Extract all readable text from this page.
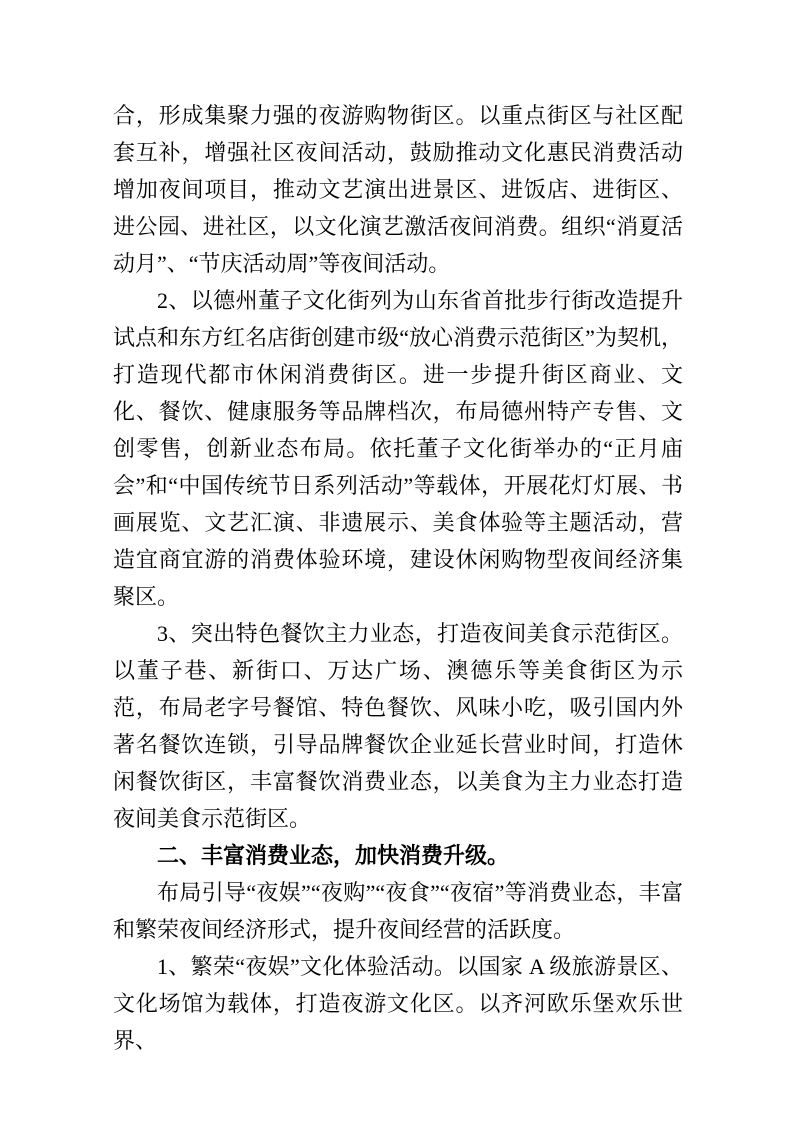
合，形成集聚力强的夜游购物街区。以重点街区与社区配套互补，增强社区夜间活动，鼓励推动文化惠民消费活动增加夜间项目，推动文艺演出进景区、进饭店、进街区、进公园、进社区，以文化演艺激活夜间消费。组织“消夏活动月”、“节庆活动周”等夜间活动。

2、以德州董子文化街列为山东省首批步行街改造提升试点和东方红名店街创建市级“放心消费示范街区”为契机，打造现代都市休闲消费街区。进一步提升街区商业、文化、餐饮、健康服务等品牌档次，布局德州特产专售、文创零售，创新业态布局。依托董子文化街举办的“正月庙会”和“中国传统节日系列活动”等载体，开展花灯灯展、书画展览、文艺汇演、非遗展示、美食体验等主题活动，营造宜商宜游的消费体验环境，建设休闲购物型夜间经济集聚区。

3、突出特色餐饮主力业态，打造夜间美食示范街区。以董子巷、新街口、万达广场、澳德乐等美食街区为示范，布局老字号餐馆、特色餐饮、风味小吃，吸引国内外著名餐饮连锁，引导品牌餐饮企业延长营业时间，打造休闲餐饮街区，丰富餐饮消费业态，以美食为主力业态打造夜间美食示范街区。

二、丰富消费业态，加快消费升级。

布局引导“夜娱”“夜购”“夜食”“夜宿”等消费业态，丰富和繁荣夜间经济形式，提升夜间经营的活跃度。

1、繁荣“夜娱”文化体验活动。以国家 A 级旅游景区、文化场馆为载体，打造夜游文化区。以齐河欧乐堡欢乐世界、
